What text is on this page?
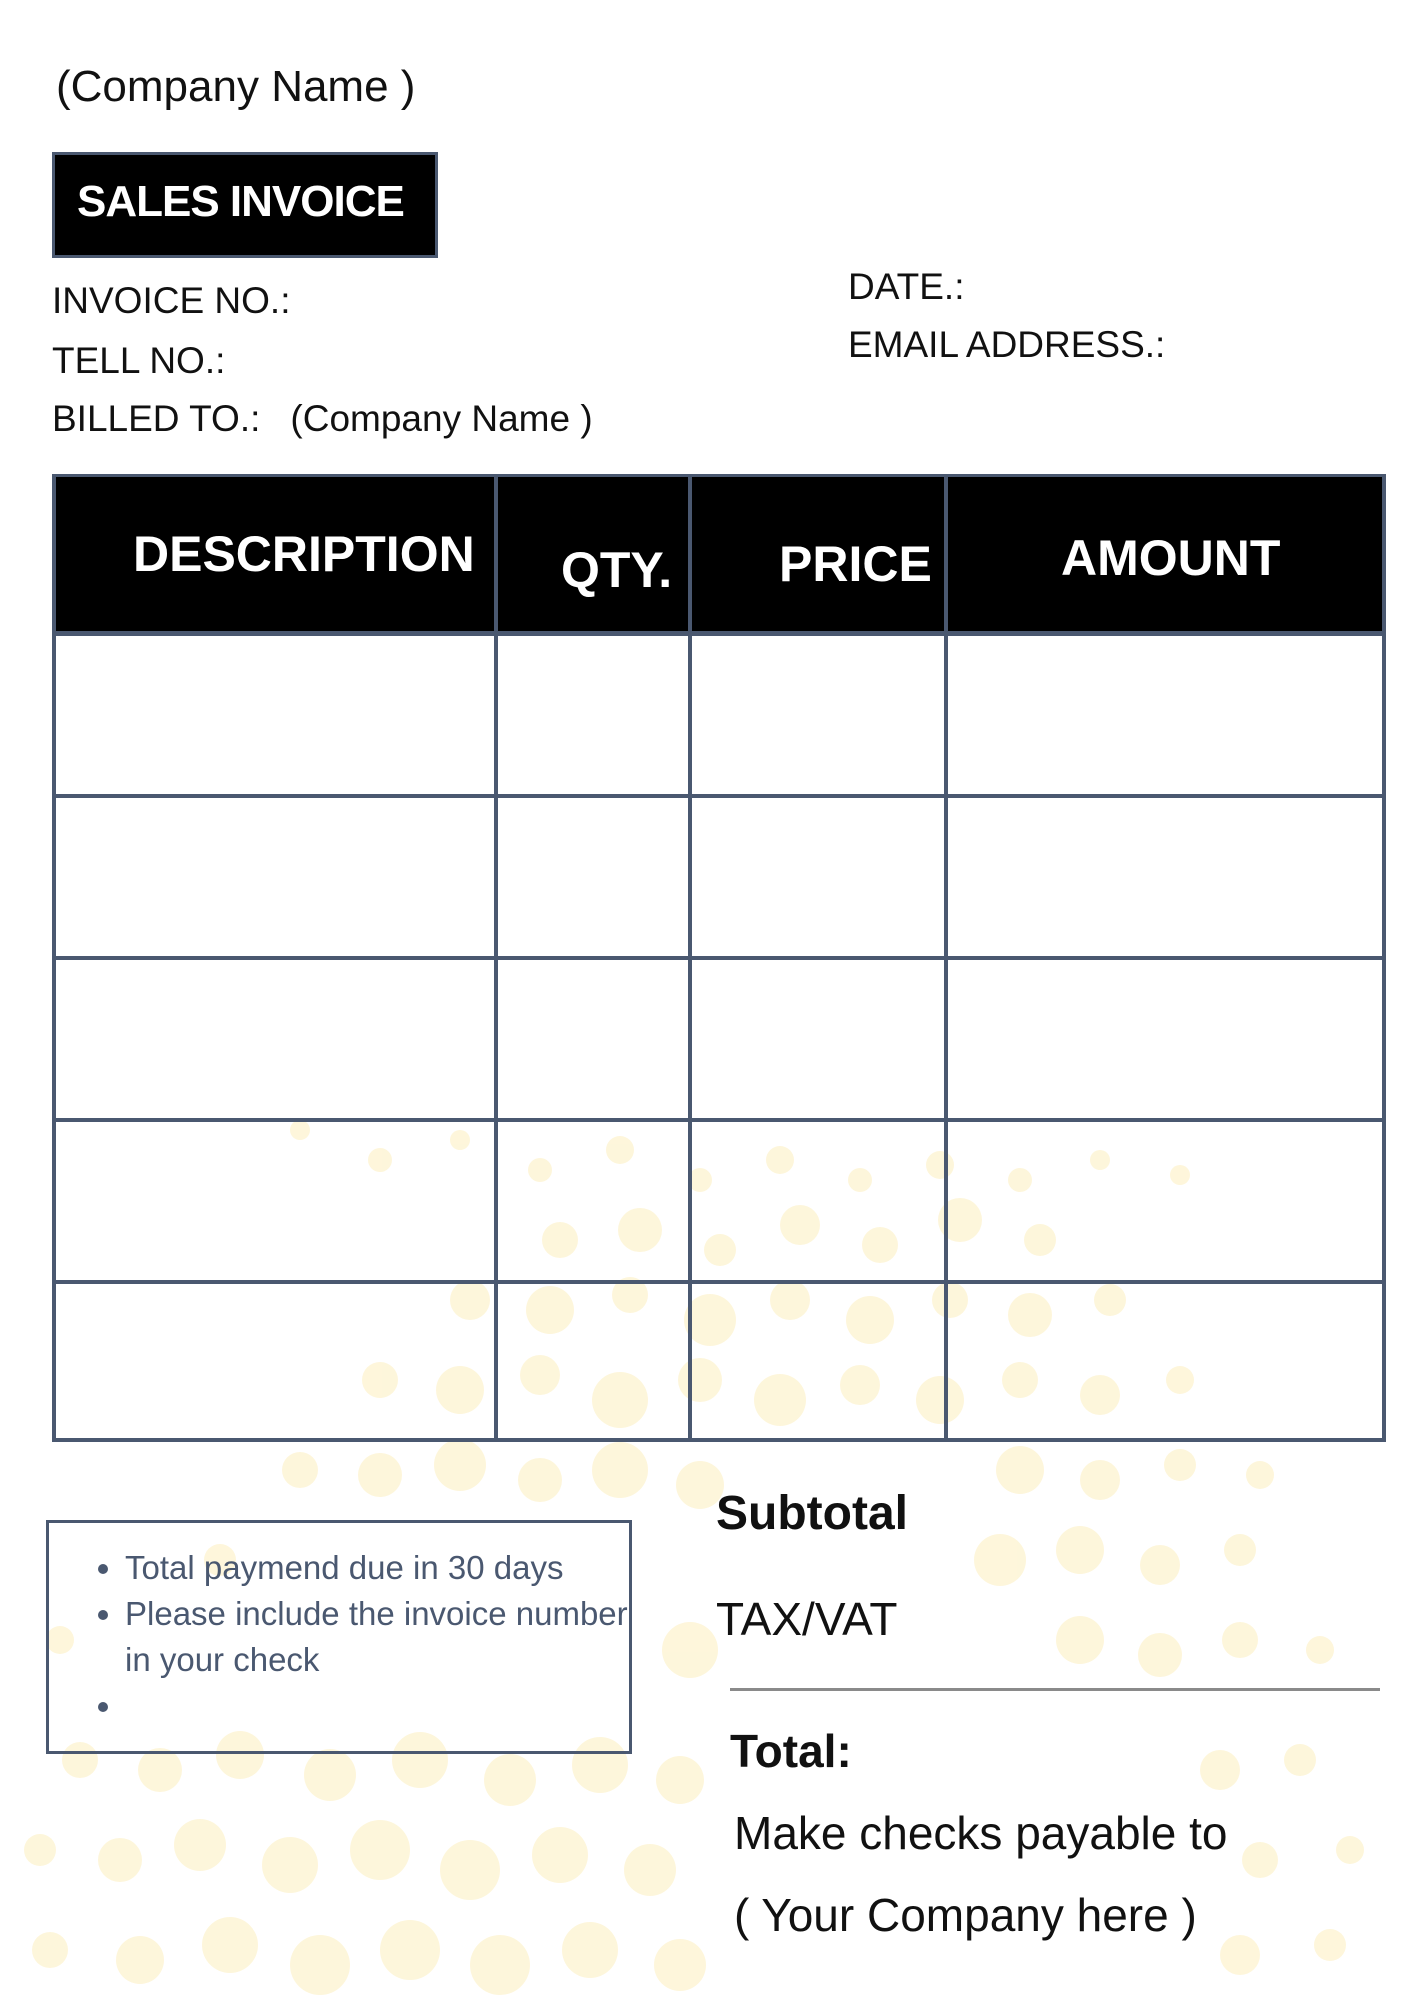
(Company Name )
SALES INVOICE
INVOICE NO.:
TELL NO.:
BILLED TO.: (Company Name )
DATE.:
EMAIL ADDRESS.:
DESCRIPTION QTY. PRICE	AMOUNT
• Total paymend due in 30 days
• Please include the invoice number in your check
•
Subtotal
TAX/VAT
Total:
Make checks payable to
( Your Company here )
